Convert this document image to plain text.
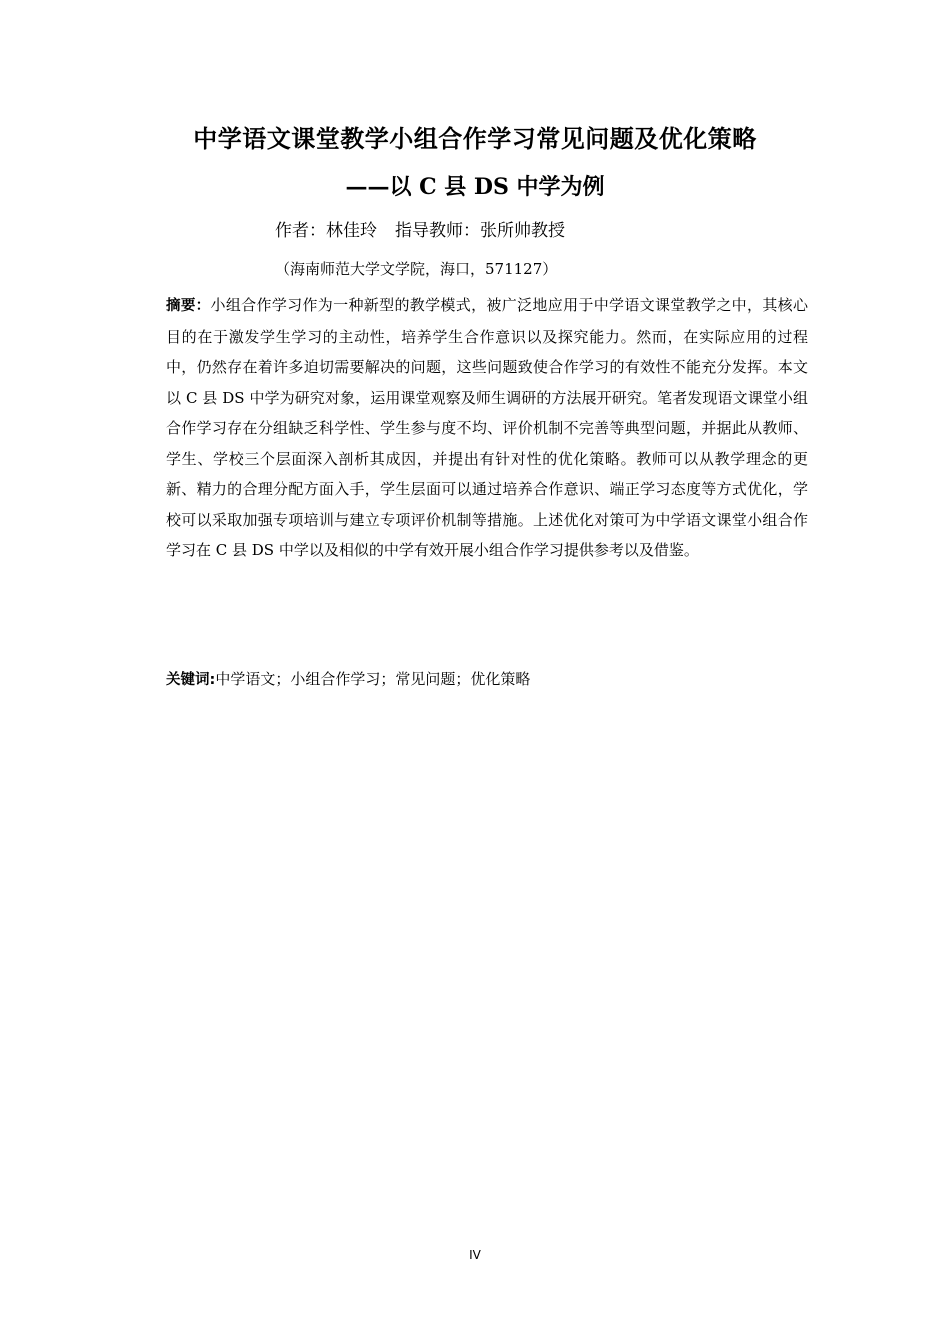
中学语文课堂教学小组合作学习常见问题及优化策略
——以 C 县 DS 中学为例
作者：林佳玲 指导教师：张所帅教授
（海南师范大学文学院，海口，571127）

摘要：小组合作学习作为一种新型的教学模式，被广泛地应用于中学语文课堂教学之中，其核心目的在于激发学生学习的主动性，培养学生合作意识以及探究能力。然而，在实际应用的过程中，仍然存在着许多迫切需要解决的问题，这些问题致使合作学习的有效性不能充分发挥。本文以 C 县 DS 中学为研究对象，运用课堂观察及师生调研的方法展开研究。笔者发现语文课堂小组合作学习存在分组缺乏科学性、学生参与度不均、评价机制不完善等典型问题，并据此从教师、学生、学校三个层面深入剖析其成因，并提出有针对性的优化策略。教师可以从教学理念的更新、精力的合理分配方面入手，学生层面可以通过培养合作意识、端正学习态度等方式优化，学校可以采取加强专项培训与建立专项评价机制等措施。上述优化对策可为中学语文课堂小组合作学习在 C 县 DS 中学以及相似的中学有效开展小组合作学习提供参考以及借鉴。

关键词:中学语文；小组合作学习；常见问题；优化策略

IV
